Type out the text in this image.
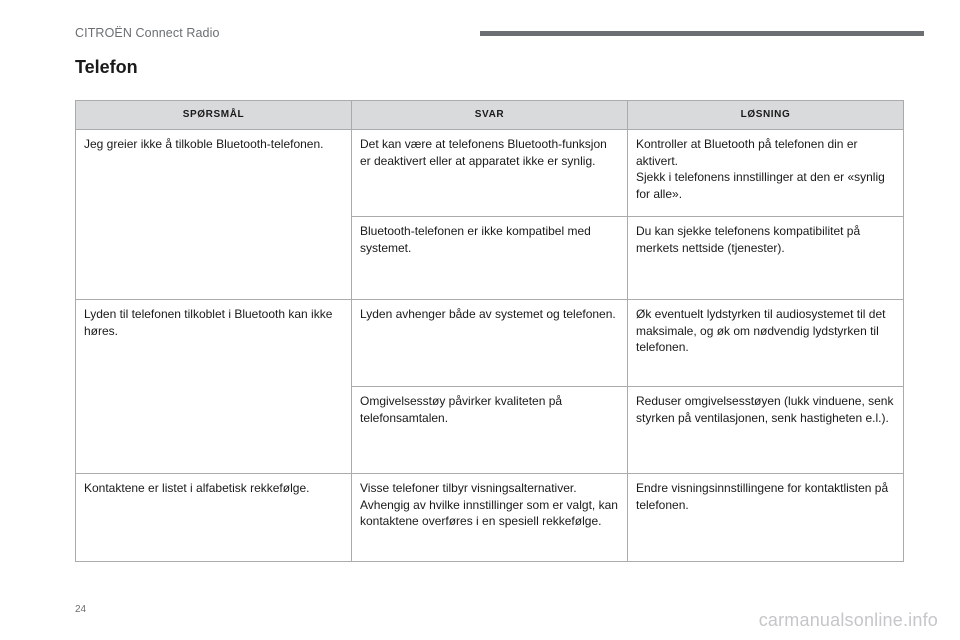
CITROËN Connect Radio
Telefon
SPØRSMÅL	SVAR	LØSNING
Jeg greier ikke å tilkoble Bluetooth-telefonen.	Det kan være at telefonens Bluetooth-funksjon er deaktivert eller at apparatet ikke er synlig.	Kontroller at Bluetooth på telefonen din er aktivert.
Sjekk i telefonens innstillinger at den er «synlig for alle».

	Bluetooth-telefonen er ikke kompatibel med systemet.	Du kan sjekke telefonens kompatibilitet på merkets nettside (tjenester).

Lyden til telefonen tilkoblet i Bluetooth kan ikke høres.	Lyden avhenger både av systemet og telefonen.	Øk eventuelt lydstyrken til audiosystemet til det maksimale, og øk om nødvendig lydstyrken til telefonen.

	Omgivelsesstøy påvirker kvaliteten på telefonsamtalen.	Reduser omgivelsesstøyen (lukk vinduene, senk styrken på ventilasjonen, senk hastigheten e.l.).

Kontaktene er listet i alfabetisk rekkefølge.	Visse telefoner tilbyr visningsalternativer. Avhengig av hvilke innstillinger som er valgt, kan kontaktene overføres i en spesiell rekkefølge.	Endre visningsinnstillingene for kontaktlisten på telefonen.
24
carmanualsonline.info
